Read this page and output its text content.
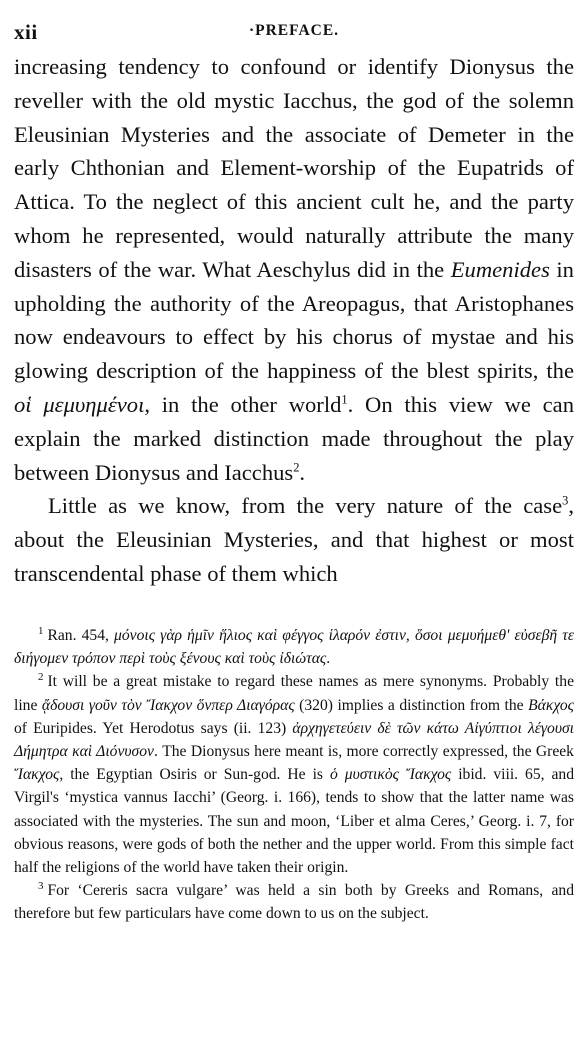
xii	·PREFACE.

increasing tendency to confound or identify Dionysus the reveller with the old mystic Iacchus, the god of the solemn Eleusinian Mysteries and the associate of Demeter in the early Chthonian and Element-worship of the Eupatrids of Attica. To the neglect of this ancient cult he, and the party whom he represented, would naturally attribute the many disasters of the war. What Aeschylus did in the Eumenides in upholding the authority of the Areopagus, that Aristophanes now endeavours to effect by his chorus of mystae and his glowing description of the happiness of the blest spirits, the οἱ μεμυημένοι, in the other world$^1$. On this view we can explain the marked distinction made throughout the play between Dionysus and Iacchus$^2$.

Little as we know, from the very nature of the case$^3$, about the Eleusinian Mysteries, and that highest or most transcendental phase of them which

$^1$ Ran. 454, μόνοις γὰρ ἡμῖν ἥλιος καὶ φέγγος ἱλαρόν ἐστιν, ὅσοι μεμυήμεθ' εὐσεβῆ τε διήγομεν τρόπον περὶ τοὺς ξένους καὶ τοὺς ἰδιώτας.

$^2$ It will be a great mistake to regard these names as mere synonyms. Probably the line ᾄδουσι γοῦν τὸν Ἴακχον ὅνπερ Διαγόρας (320) implies a distinction from the Βάκχος of Euripides. Yet Herodotus says (ii. 123) ἀρχηγετεύειν δὲ τῶν κάτω Αἰγύπτιοι λέγουσι Δήμητρα καὶ Διόνυσον. The Dionysus here meant is, more correctly expressed, the Greek Ἴακχος, the Egyptian Osiris or Sun-god. He is ὁ μυστικὸς Ἴακχος ibid. viii. 65, and Virgil's ‘mystica vannus Iacchi’ (Georg. i. 166), tends to show that the latter name was associated with the mysteries. The sun and moon, ‘Liber et alma Ceres,’ Georg. i. 7, for obvious reasons, were gods of both the nether and the upper world. From this simple fact half the religions of the world have taken their origin.

$^3$ For ‘Cereris sacra vulgare’ was held a sin both by Greeks and Romans, and therefore but few particulars have come down to us on the subject.
